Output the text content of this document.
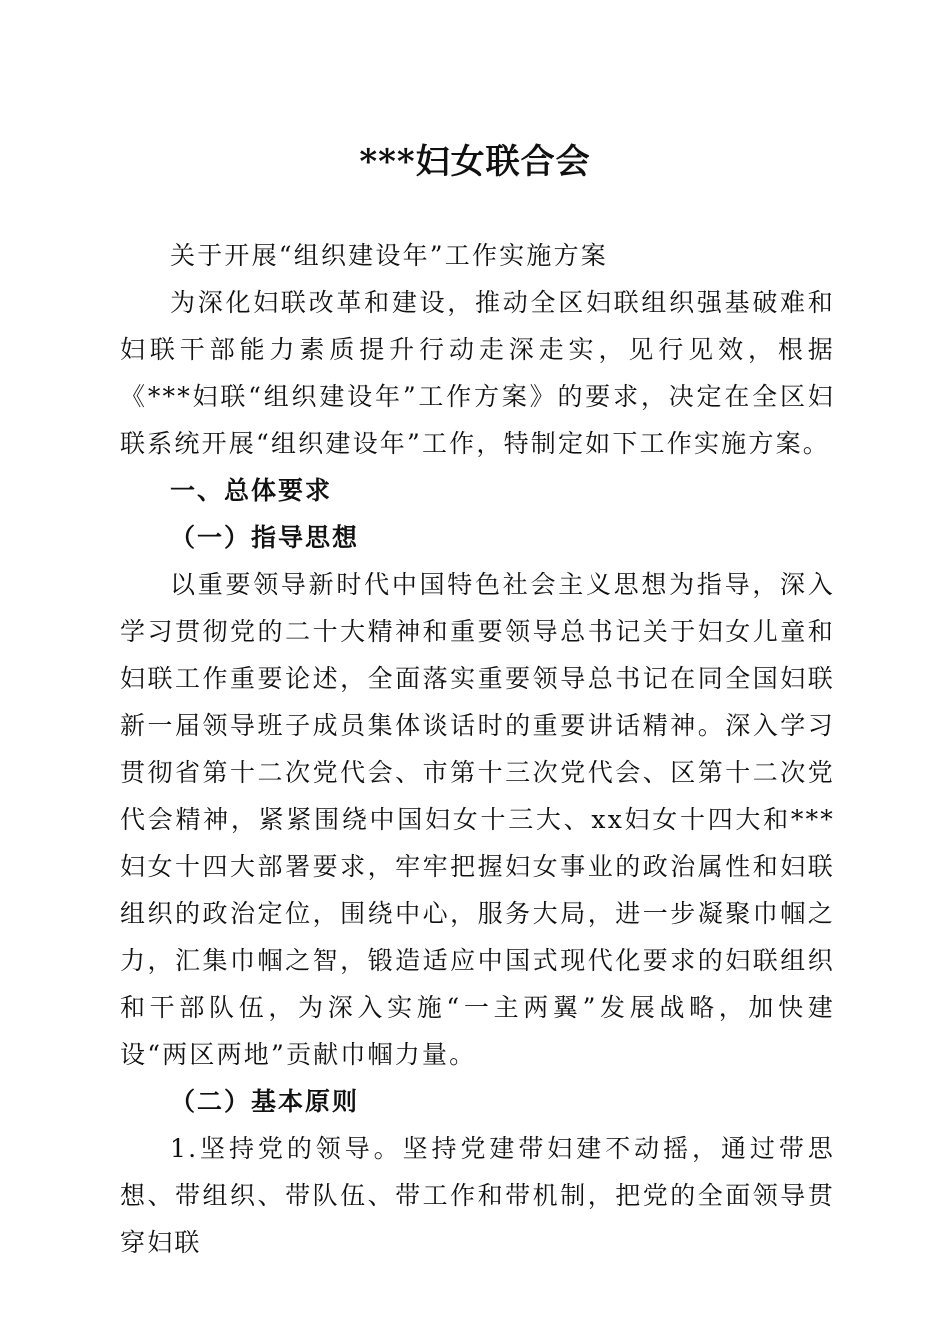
***妇女联合会

关于开展“组织建设年”工作实施方案

为深化妇联改革和建设，推动全区妇联组织强基破难和妇联干部能力素质提升行动走深走实，见行见效，根据《***妇联“组织建设年”工作方案》的要求，决定在全区妇联系统开展“组织建设年”工作，特制定如下工作实施方案。

一、总体要求

（一）指导思想

以重要领导新时代中国特色社会主义思想为指导，深入学习贯彻党的二十大精神和重要领导总书记关于妇女儿童和妇联工作重要论述，全面落实重要领导总书记在同全国妇联新一届领导班子成员集体谈话时的重要讲话精神。深入学习贯彻省第十二次党代会、市第十三次党代会、区第十二次党代会精神，紧紧围绕中国妇女十三大、xx妇女十四大和***妇女十四大部署要求，牢牢把握妇女事业的政治属性和妇联组织的政治定位，围绕中心，服务大局，进一步凝聚巾帼之力，汇集巾帼之智，锻造适应中国式现代化要求的妇联组织和干部队伍，为深入实施“一主两翼”发展战略，加快建设“两区两地”贡献巾帼力量。

（二）基本原则

1.坚持党的领导。坚持党建带妇建不动摇，通过带思想、带组织、带队伍、带工作和带机制，把党的全面领导贯穿妇联
